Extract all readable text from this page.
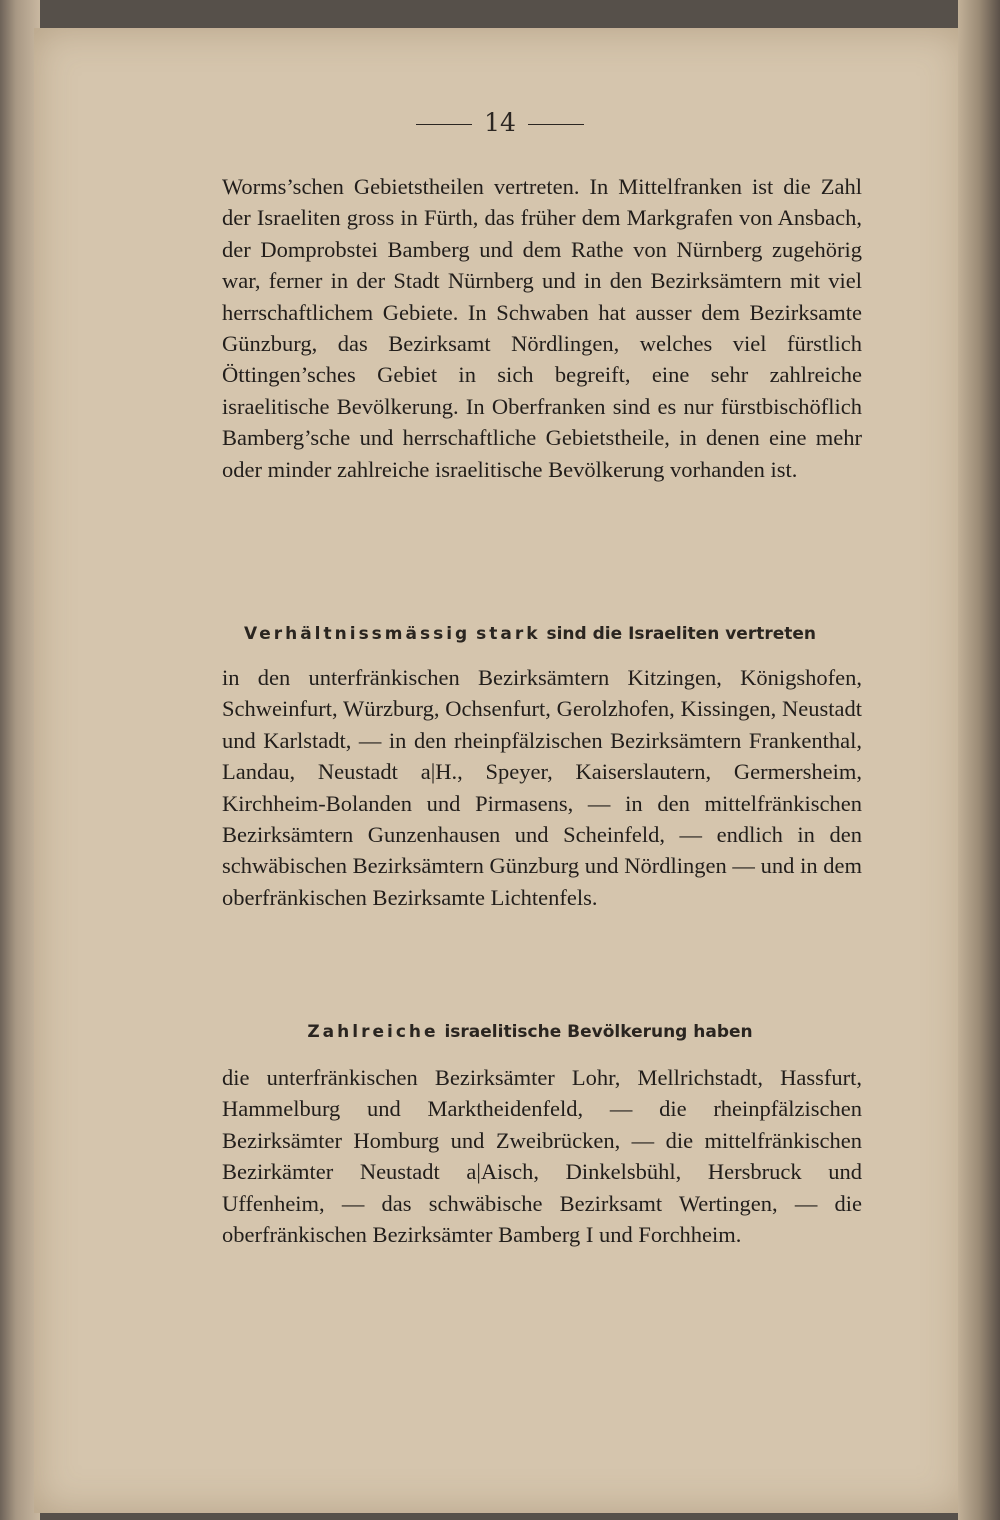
14

Worms’schen Gebietstheilen vertreten. In Mittelfranken ist die Zahl der Israeliten gross in Fürth, das früher dem Markgrafen von Ansbach, der Domprobstei Bamberg und dem Rathe von Nürnberg zugehörig war, ferner in der Stadt Nürnberg und in den Bezirksämtern mit viel herrschaftlichem Gebiete. In Schwaben hat ausser dem Bezirksamte Günzburg, das Bezirksamt Nördlingen, welches viel fürstlich Öttingen’sches Gebiet in sich begreift, eine sehr zahlreiche israelitische Bevölkerung. In Oberfranken sind es nur fürstbischöflich Bamberg’sche und herrschaftliche Gebietstheile, in denen eine mehr oder minder zahlreiche israelitische Bevölkerung vorhanden ist.

Verhältnissmässig stark sind die Israeliten vertreten

in den unterfränkischen Bezirksämtern Kitzingen, Königshofen, Schweinfurt, Würzburg, Ochsenfurt, Gerolzhofen, Kissingen, Neustadt und Karlstadt, — in den rheinpfälzischen Bezirksämtern Frankenthal, Landau, Neustadt a|H., Speyer, Kaiserslautern, Germersheim, Kirchheim-Bolanden und Pirmasens, — in den mittelfränkischen Bezirksämtern Gunzenhausen und Scheinfeld, — endlich in den schwäbischen Bezirksämtern Günzburg und Nördlingen — und in dem oberfränkischen Bezirksamte Lichtenfels.

Zahlreiche israelitische Bevölkerung haben

die unterfränkischen Bezirksämter Lohr, Mellrichstadt, Hassfurt, Hammelburg und Marktheidenfeld, — die rheinpfälzischen Bezirksämter Homburg und Zweibrücken, — die mittelfränkischen Bezirkämter Neustadt a|Aisch, Dinkelsbühl, Hersbruck und Uffenheim, — das schwäbische Bezirksamt Wertingen, — die oberfränkischen Bezirksämter Bamberg I und Forchheim.
